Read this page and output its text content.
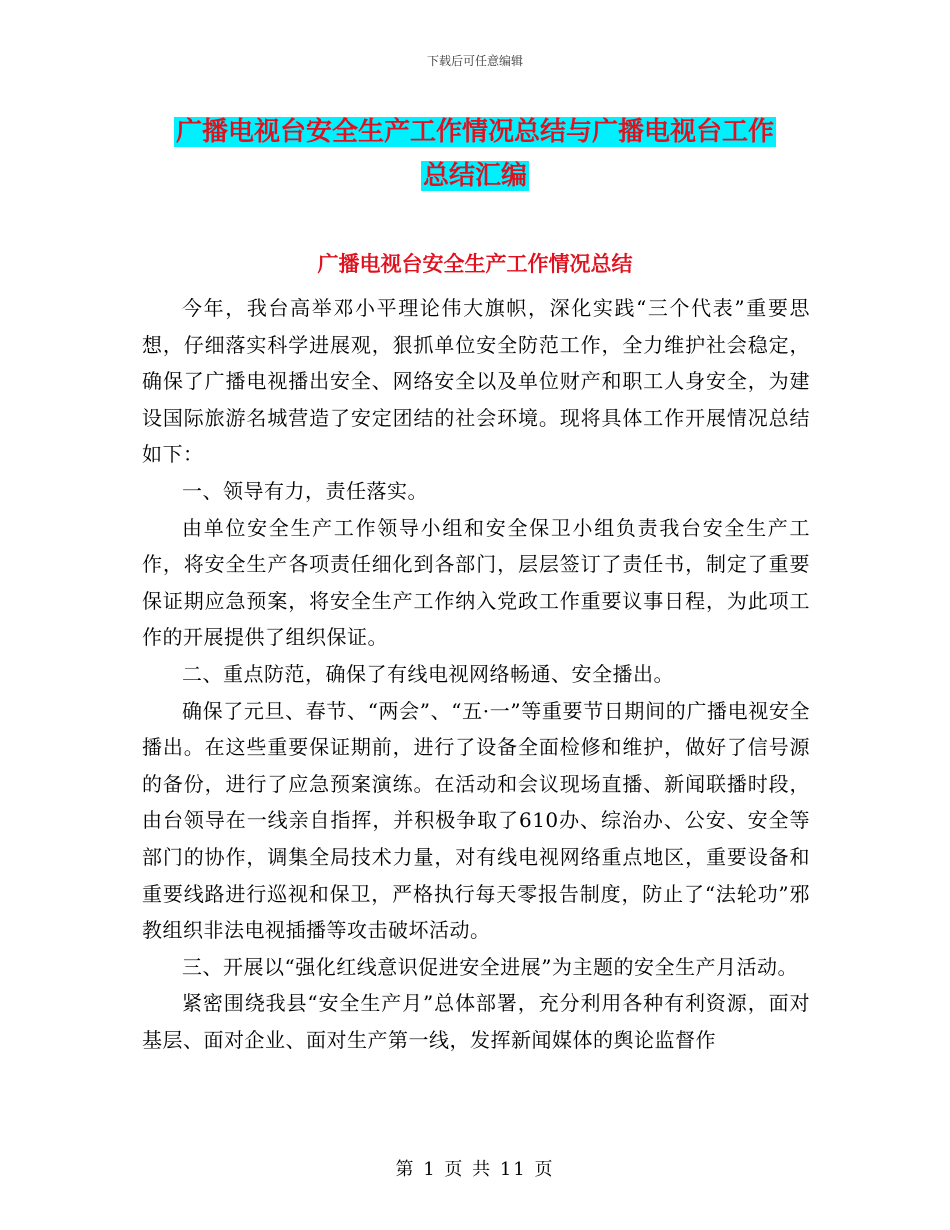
下载后可任意编辑
广播电视台安全生产工作情况总结与广播电视台工作
总结汇编
广播电视台安全生产工作情况总结

今年，我台高举邓小平理论伟大旗帜，深化实践“三个代表”重要思想，仔细落实科学进展观，狠抓单位安全防范工作，全力维护社会稳定，确保了广播电视播出安全、网络安全以及单位财产和职工人身安全，为建设国际旅游名城营造了安定团结的社会环境。现将具体工作开展情况总结如下：

一、领导有力，责任落实。

由单位安全生产工作领导小组和安全保卫小组负责我台安全生产工作，将安全生产各项责任细化到各部门，层层签订了责任书，制定了重要保证期应急预案，将安全生产工作纳入党政工作重要议事日程，为此项工作的开展提供了组织保证。

二、重点防范，确保了有线电视网络畅通、安全播出。

确保了元旦、春节、“两会”、“五·一”等重要节日期间的广播电视安全播出。在这些重要保证期前，进行了设备全面检修和维护，做好了信号源的备份，进行了应急预案演练。在活动和会议现场直播、新闻联播时段，由台领导在一线亲自指挥，并积极争取了610办、综治办、公安、安全等部门的协作，调集全局技术力量，对有线电视网络重点地区，重要设备和重要线路进行巡视和保卫，严格执行每天零报告制度，防止了“法轮功”邪教组织非法电视插播等攻击破坏活动。

三、开展以“强化红线意识促进安全进展”为主题的安全生产月活动。

紧密围绕我县“安全生产月”总体部署，充分利用各种有利资源，面对基层、面对企业、面对生产第一线，发挥新闻媒体的舆论监督作

第 1 页 共 11 页
